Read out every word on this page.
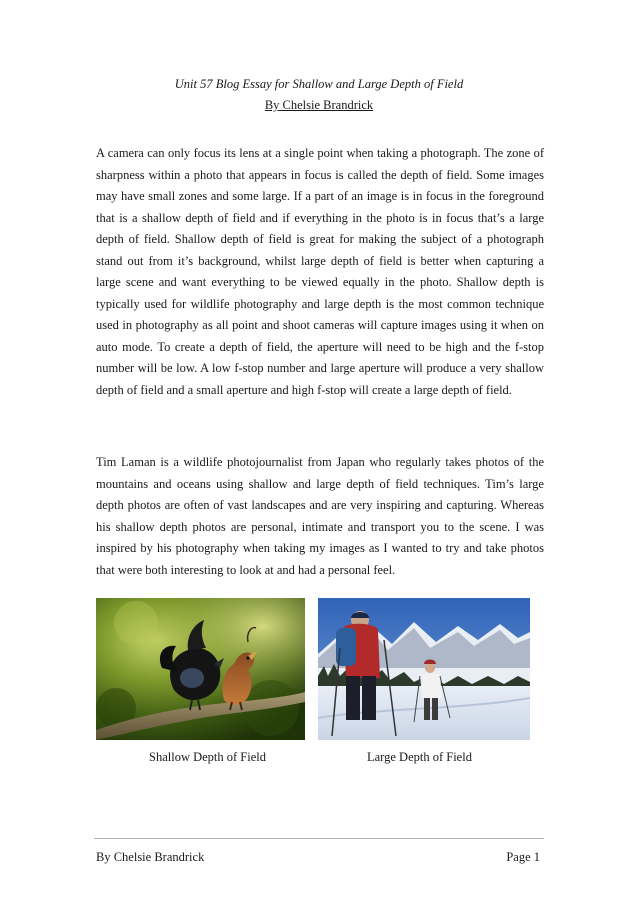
Unit 57 Blog Essay for Shallow and Large Depth of Field
By Chelsie Brandrick

A camera can only focus its lens at a single point when taking a photograph. The zone of sharpness within a photo that appears in focus is called the depth of field. Some images may have small zones and some large. If a part of an image is in focus in the foreground that is a shallow depth of field and if everything in the photo is in focus that’s a large depth of field. Shallow depth of field is great for making the subject of a photograph stand out from it’s background, whilst large depth of field is better when capturing a large scene and want everything to be viewed equally in the photo. Shallow depth is typically used for wildlife photography and large depth is the most common technique used in photography as all point and shoot cameras will capture images using it when on auto mode. To create a depth of field, the aperture will need to be high and the f-stop number will be low. A low f-stop number and large aperture will produce a very shallow depth of field and a small aperture and high f-stop will create a large depth of field.

Tim Laman is a wildlife photojournalist from Japan who regularly takes photos of the mountains and oceans using shallow and large depth of field techniques. Tim’s large depth photos are often of vast landscapes and are very inspiring and capturing. Whereas his shallow depth photos are personal, intimate and transport you to the scene. I was inspired by his photography when taking my images as I wanted to try and take photos that were both interesting to look at and had a personal feel.

Shallow Depth of Field	Large Depth of Field
By Chelsie Brandrick	Page 1
